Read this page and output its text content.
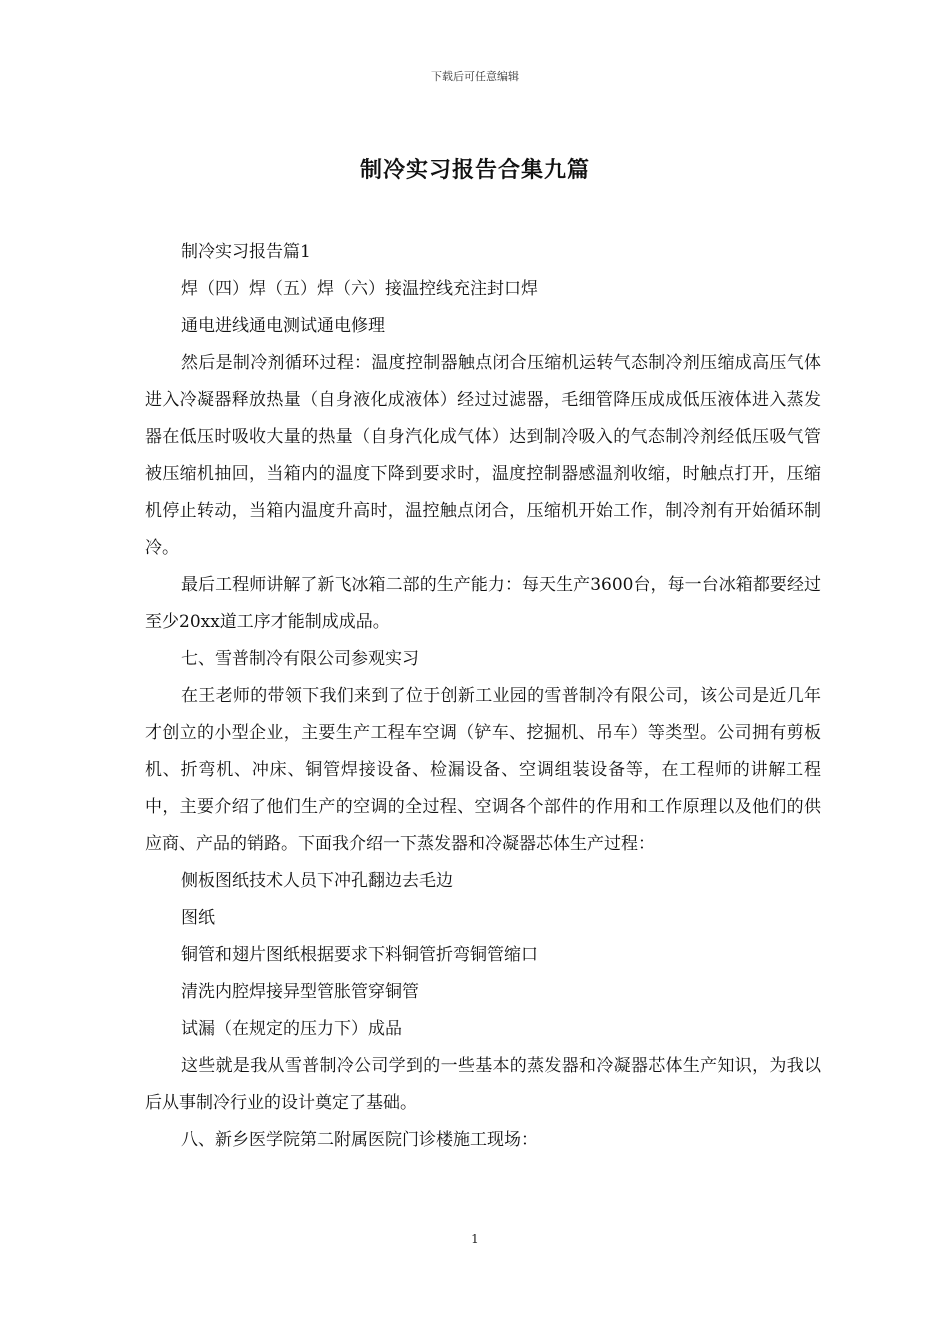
下载后可任意编辑
制冷实习报告合集九篇

制冷实习报告篇1

焊（四）焊（五）焊（六）接温控线充注封口焊

通电进线通电测试通电修理

然后是制冷剂循环过程：温度控制器触点闭合压缩机运转气态制冷剂压缩成高压气体进入冷凝器释放热量（自身液化成液体）经过过滤器，毛细管降压成成低压液体进入蒸发器在低压时吸收大量的热量（自身汽化成气体）达到制冷吸入的气态制冷剂经低压吸气管被压缩机抽回，当箱内的温度下降到要求时，温度控制器感温剂收缩，时触点打开，压缩机停止转动，当箱内温度升高时，温控触点闭合，压缩机开始工作，制冷剂有开始循环制冷。

最后工程师讲解了新飞冰箱二部的生产能力：每天生产3600台，每一台冰箱都要经过至少20xx道工序才能制成成品。

七、雪普制冷有限公司参观实习

在王老师的带领下我们来到了位于创新工业园的雪普制冷有限公司，该公司是近几年才创立的小型企业，主要生产工程车空调（铲车、挖掘机、吊车）等类型。公司拥有剪板机、折弯机、冲床、铜管焊接设备、检漏设备、空调组装设备等，在工程师的讲解工程中，主要介绍了他们生产的空调的全过程、空调各个部件的作用和工作原理以及他们的供应商、产品的销路。下面我介绍一下蒸发器和冷凝器芯体生产过程：

侧板图纸技术人员下冲孔翻边去毛边

图纸

铜管和翅片图纸根据要求下料铜管折弯铜管缩口

清洗内腔焊接异型管胀管穿铜管

试漏（在规定的压力下）成品

这些就是我从雪普制冷公司学到的一些基本的蒸发器和冷凝器芯体生产知识，为我以后从事制冷行业的设计奠定了基础。

八、新乡医学院第二附属医院门诊楼施工现场：

1
